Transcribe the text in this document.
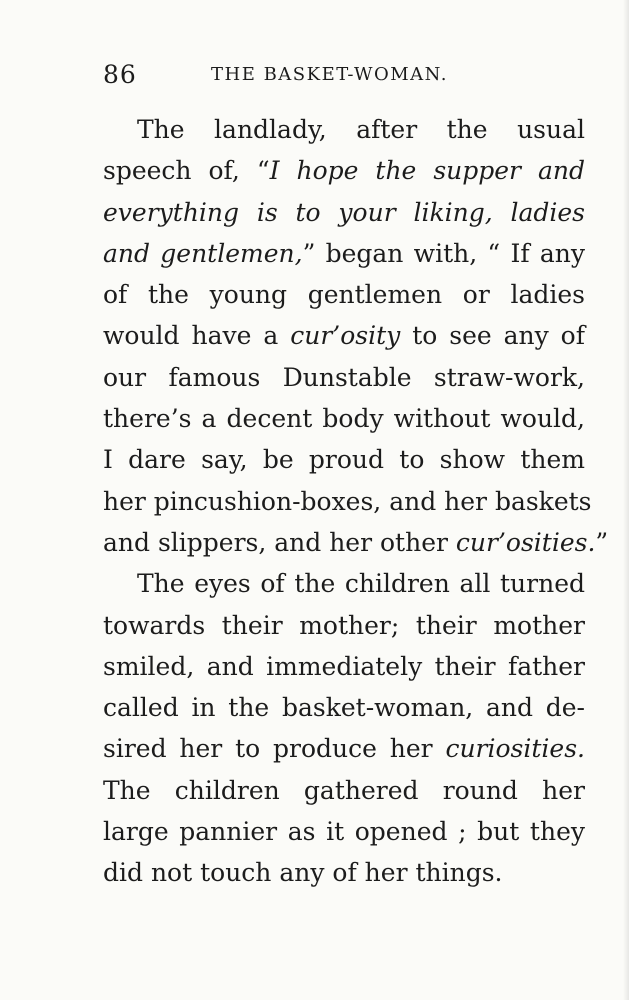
86	THE BASKET-WOMAN.
The landlady, after the usual
speech of, “I hope the supper and
everything is to your liking, ladies
and gentlemen,” began with, “ If any
of the young gentlemen or ladies
would have a cur’osity to see any of
our famous Dunstable straw-work,
there’s a decent body without would,
I dare say, be proud to show them
her pincushion-boxes, and her baskets
and slippers, and her other cur’osities.”
The eyes of the children all turned
towards their mother; their mother
smiled, and immediately their father
called in the basket-woman, and de-
sired her to produce her curiosities.
The children gathered round her
large pannier as it opened ; but they
did not touch any of her things.
